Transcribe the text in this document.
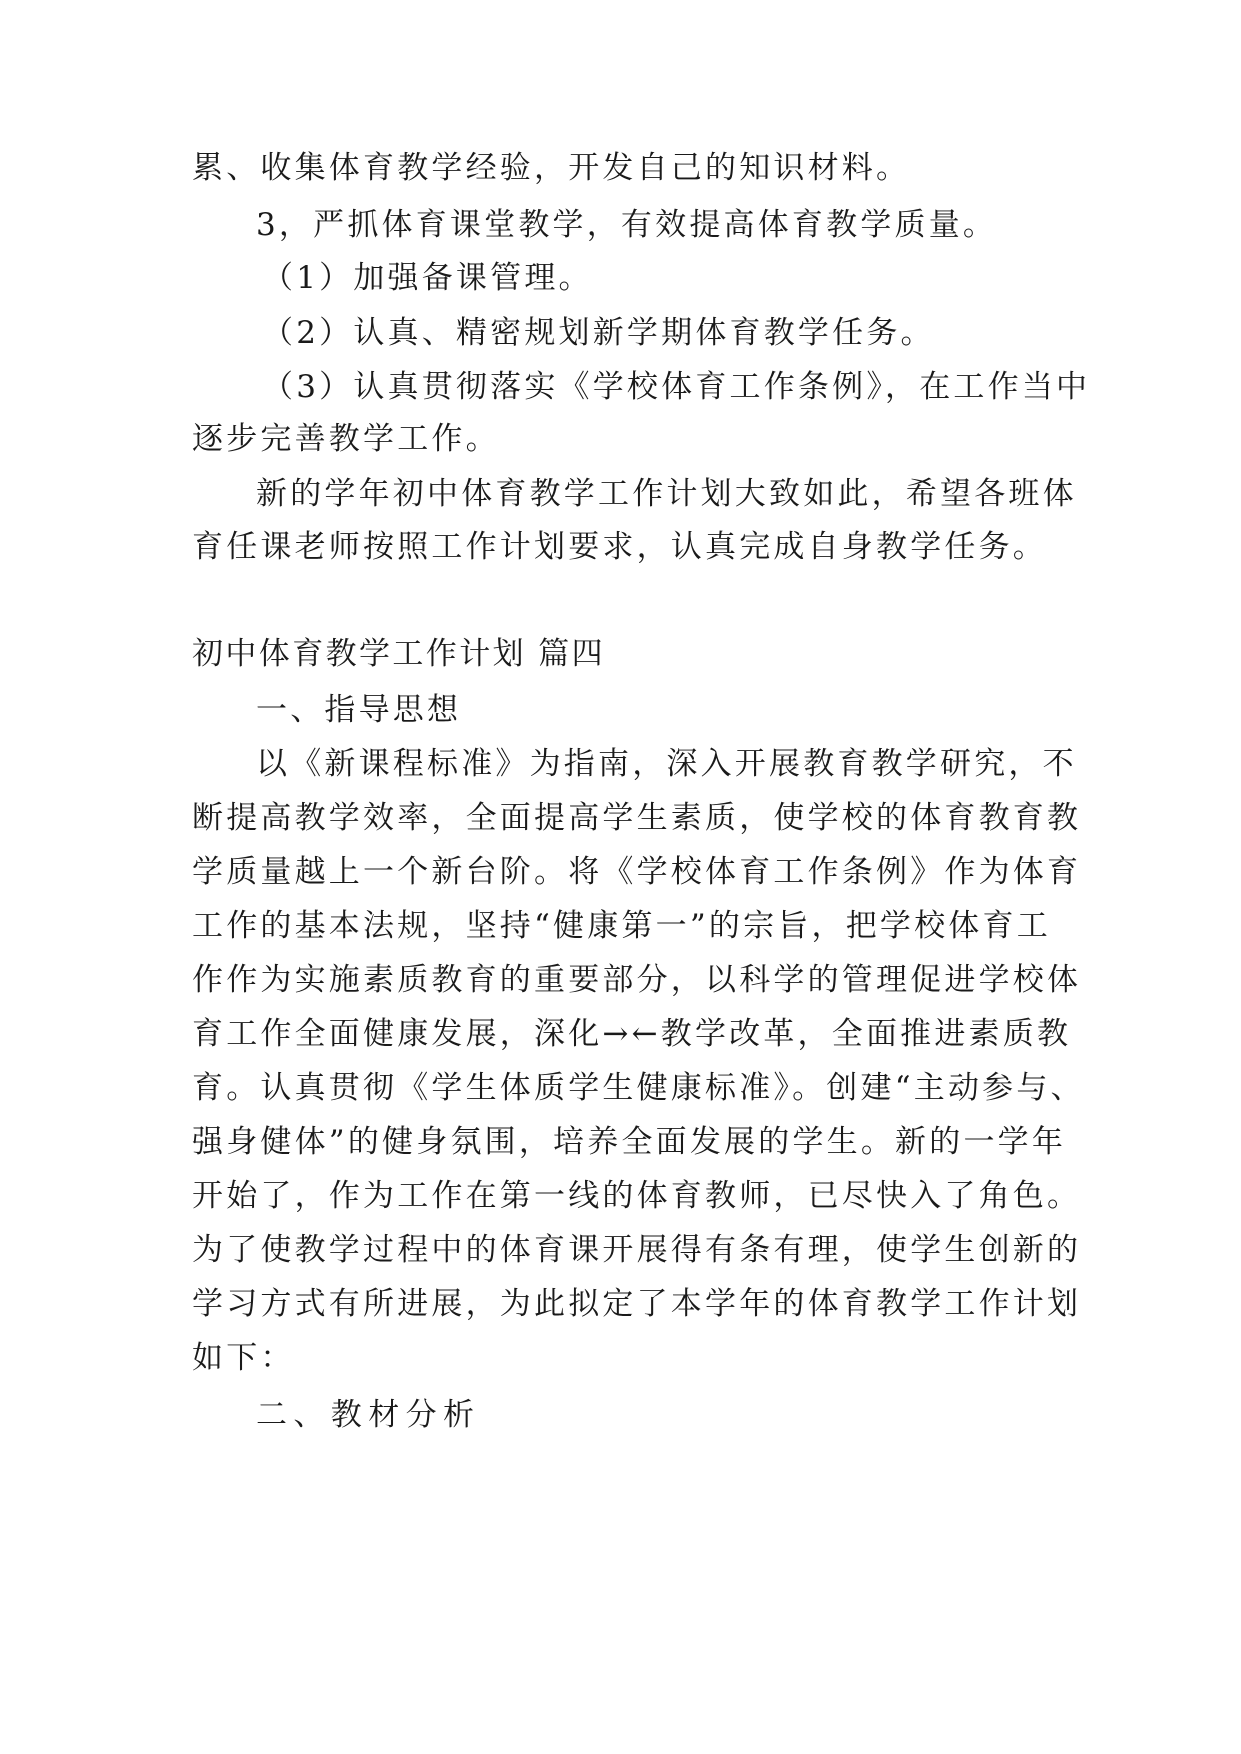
累、收集体育教学经验，开发自己的知识材料。
3，严抓体育课堂教学，有效提高体育教学质量。
（1）加强备课管理。
（2）认真、精密规划新学期体育教学任务。
（3）认真贯彻落实《学校体育工作条例》，在工作当中
逐步完善教学工作。
新的学年初中体育教学工作计划大致如此，希望各班体
育任课老师按照工作计划要求，认真完成自身教学任务。
初中体育教学工作计划 篇四
一、指导思想
以《新课程标准》为指南，深入开展教育教学研究，不
断提高教学效率，全面提高学生素质，使学校的体育教育教
学质量越上一个新台阶。将《学校体育工作条例》作为体育
工作的基本法规，坚持“健康第一”的宗旨，把学校体育工
作作为实施素质教育的重要部分，以科学的管理促进学校体
育工作全面健康发展，深化→←教学改革，全面推进素质教
育。认真贯彻《学生体质学生健康标准》。创建“主动参与、
强身健体”的健身氛围，培养全面发展的学生。新的一学年
开始了，作为工作在第一线的体育教师，已尽快入了角色。
为了使教学过程中的体育课开展得有条有理，使学生创新的
学习方式有所进展，为此拟定了本学年的体育教学工作计划
如下：
二、教材分析
